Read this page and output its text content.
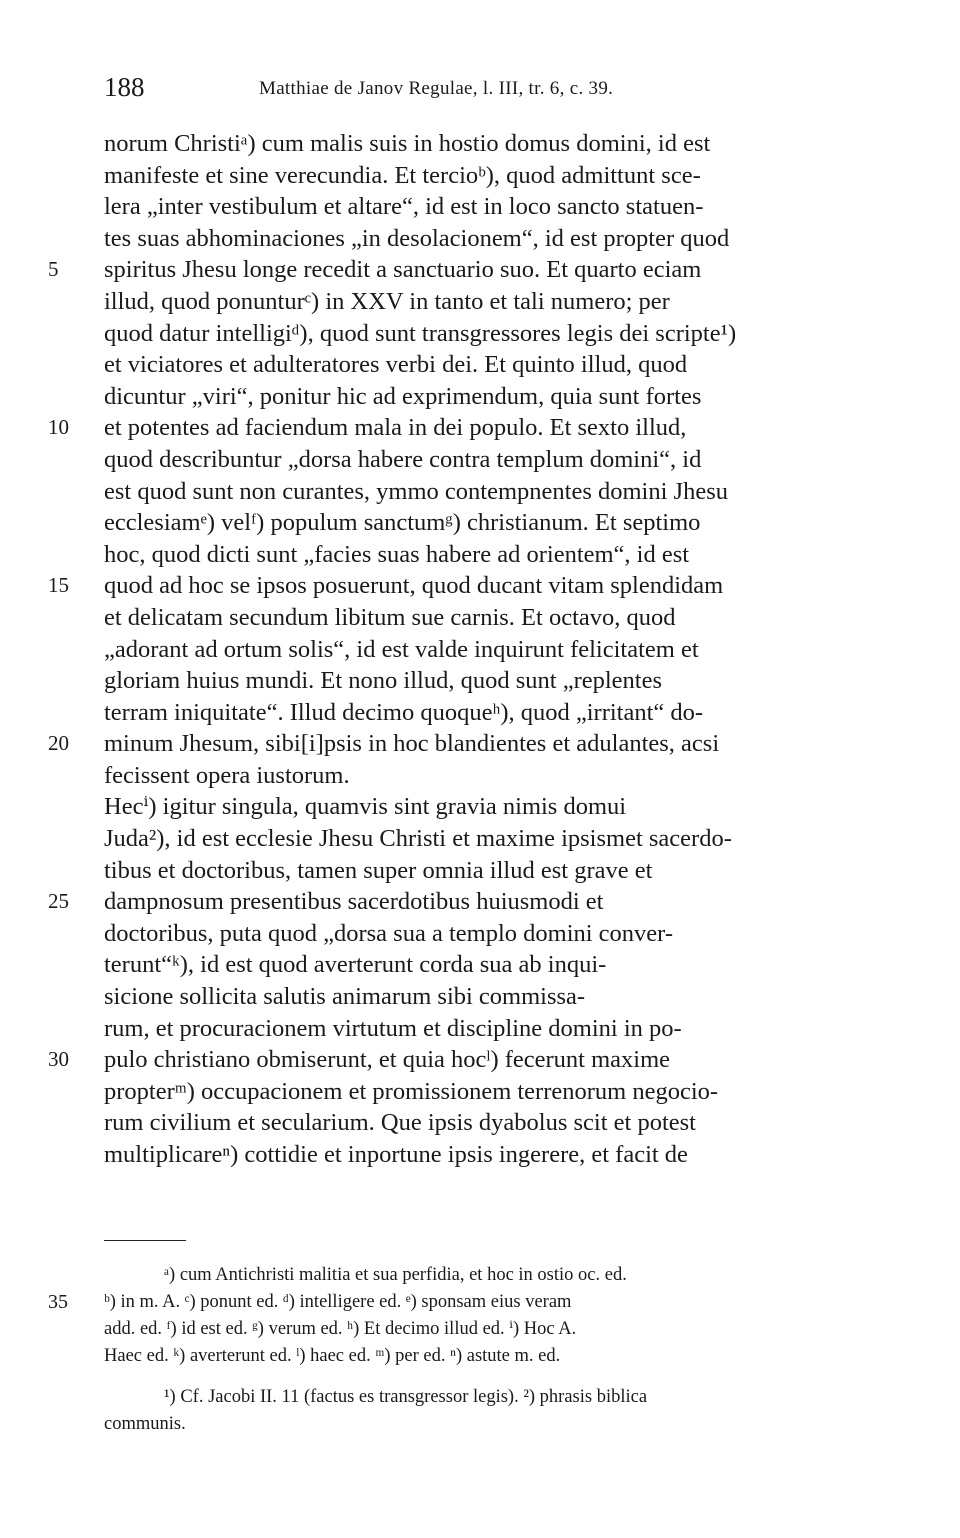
188	Matthiae de Janov Regulae, l. III, tr. 6, c. 39.
norum Christiᵃ) cum malis suis in hostio domus domini, id est
manifeste et sine verecundia. Et tercioᵇ), quod admittunt sce-
lera „inter vestibulum et altare“, id est in loco sancto statuen-
tes suas abhominaciones „in desolacionem“, id est propter quod
5	spiritus Jhesu longe recedit a sanctuario suo. Et quarto eciam
illud, quod ponunturᶜ) in XXV in tanto et tali numero; per
quod datur intelligiᵈ), quod sunt transgressores legis dei scripte¹)
et viciatores et adulteratores verbi dei. Et quinto illud, quod
dicuntur „viri“, ponitur hic ad exprimendum, quia sunt fortes
10	et potentes ad faciendum mala in dei populo. Et sexto illud,
quod describuntur „dorsa habere contra templum domini“, id
est quod sunt non curantes, ymmo contempnentes domini Jhesu
ecclesiamᵉ) velᶠ) populum sanctumᵍ) christianum. Et septimo
hoc, quod dicti sunt „facies suas habere ad orientem“, id est
15	quod ad hoc se ipsos posuerunt, quod ducant vitam splendidam
et delicatam secundum libitum sue carnis. Et octavo, quod
„adorant ad ortum solis“, id est valde inquirunt felicitatem et
gloriam huius mundi. Et nono illud, quod sunt „replentes
terram iniquitate“. Illud decimo quoqueʰ), quod „irritant“ do-
20	minum Jhesum, sibi[i]psis in hoc blandientes et adulantes, acsi
fecissent opera iustorum.
Hecⁱ) igitur singula, quamvis sint gravia nimis domui
Juda²), id est ecclesie Jhesu Christi et maxime ipsismet sacerdo-
tibus et doctoribus, tamen super omnia illud est grave et
25	dampnosum presentibus sacerdotibus huiusmodi et
doctoribus, puta quod „dorsa sua a templo domini conver-
terunt“ᵏ), id est quod averterunt corda sua ab inqui-
sicione sollicita salutis animarum sibi commissa-
rum, et procuracionem virtutum et discipline domini in po-
30	pulo christiano obmiserunt, et quia hocˡ) fecerunt maxime
propterᵐ) occupacionem et promissionem terrenorum negocio-
rum civilium et secularium. Que ipsis dyabolus scit et potest
multiplicareⁿ) cottidie et inportune ipsis ingerere, et facit de
ᵃ) cum Antichristi malitia et sua perfidia, et hoc in ostio oc. ed.
35	ᵇ) in m. A. ᶜ) ponunt ed. ᵈ) intelligere ed. ᵉ) sponsam eius veram
add. ed. ᶠ) id est ed. ᵍ) verum ed. ʰ) Et decimo illud ed. ⁱ) Hoc A.
Haec ed. ᵏ) averterunt ed. ˡ) haec ed. ᵐ) per ed. ⁿ) astute m. ed.
¹) Cf. Jacobi II. 11 (factus es transgressor legis). ²) phrasis biblica
communis.
